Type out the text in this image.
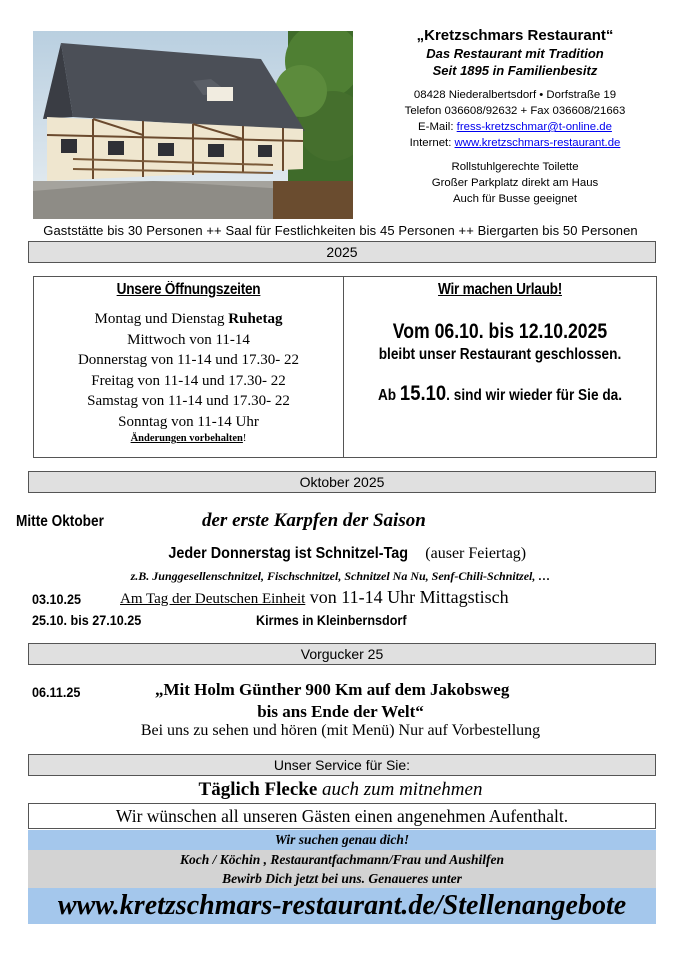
„Kretzschmars Restaurant“
Das Restaurant mit Tradition
Seit 1895 in Familienbesitz
08428 Niederalbertsdorf • Dorfstraße 19
Telefon 036608/92632 + Fax 036608/21663
E-Mail: fress-kretzschmar@t-online.de
Internet: www.kretzschmars-restaurant.de
Rollstuhlgerechte Toilette
Großer Parkplatz direkt am Haus
Auch für Busse geeignet
Gaststätte bis 30 Personen ++ Saal für Festlichkeiten bis 45 Personen ++ Biergarten bis 50 Personen
2025
Unsere Öffnungszeiten
Montag und Dienstag Ruhetag
Mittwoch von 11-14
Donnerstag von 11-14 und 17.30- 22
Freitag von 11-14 und 17.30- 22
Samstag von 11-14 und 17.30- 22
Sonntag von 11-14 Uhr
Änderungen vorbehalten!
Wir machen Urlaub!
Vom 06.10. bis 12.10.2025
bleibt unser Restaurant geschlossen.
Ab 15.10. sind wir wieder für Sie da.
Oktober 2025
Mitte Oktober	der erste Karpfen der Saison
Jeder Donnerstag ist Schnitzel-Tag (auser Feiertag)
z.B. Junggesellenschnitzel, Fischschnitzel, Schnitzel Na Nu, Senf-Chili-Schnitzel, …
03.10.25	Am Tag der Deutschen Einheit von 11-14 Uhr Mittagstisch
25.10. bis 27.10.25	Kirmes in Kleinbernsdorf
Vorgucker 25
06.11.25	„Mit Holm Günther 900 Km auf dem Jakobsweg
bis ans Ende der Welt“
Bei uns zu sehen und hören (mit Menü) Nur auf Vorbestellung
Unser Service für Sie:
Täglich Flecke auch zum mitnehmen
Wir wünschen all unseren Gästen einen angenehmen Aufenthalt.
Wir suchen genau dich!
Koch / Köchin , Restaurantfachmann/Frau und Aushilfen
Bewirb Dich jetzt bei uns. Genaueres unter
www.kretzschmars-restaurant.de/Stellenangebote
